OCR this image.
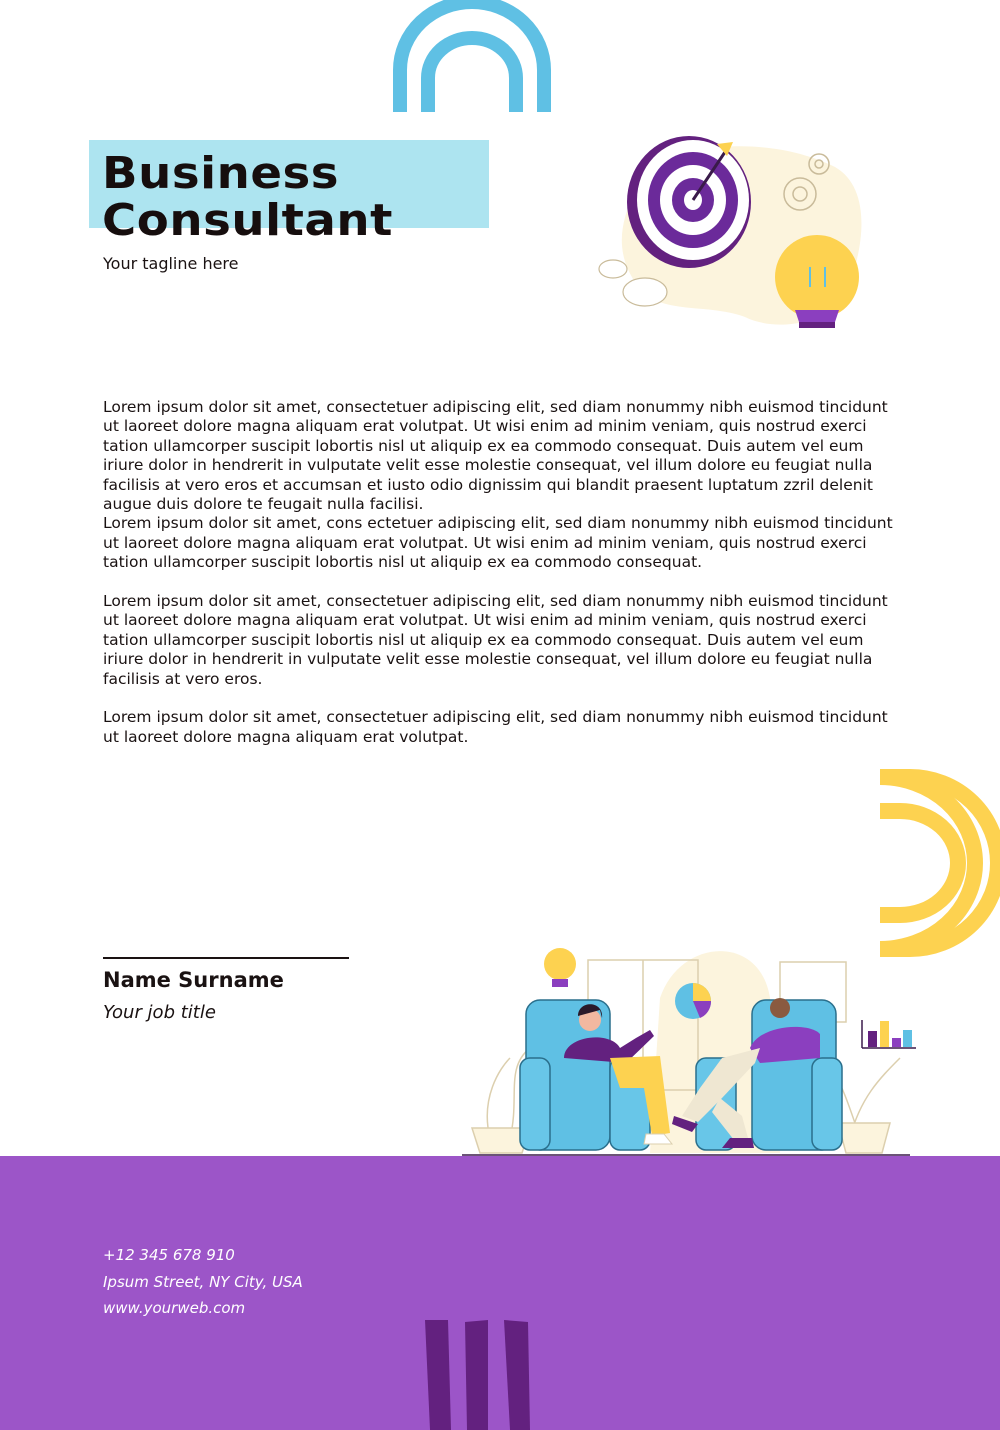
Business
Consultant
Your tagline here

Lorem ipsum dolor sit amet, consectetuer adipiscing elit, sed diam nonummy nibh euismod tincidunt ut laoreet dolore magna aliquam erat volutpat. Ut wisi enim ad minim veniam, quis nostrud exerci tation ullamcorper suscipit lobortis nisl ut aliquip ex ea commodo consequat. Duis autem vel eum iriure dolor in hendrerit in vulputate velit esse molestie consequat, vel illum dolore eu feugiat nulla facilisis at vero eros et accumsan et iusto odio dignissim qui blandit praesent luptatum zzril delenit augue duis dolore te feugait nulla facilisi.

Lorem ipsum dolor sit amet, cons ectetuer adipiscing elit, sed diam nonummy nibh euismod tincidunt ut laoreet dolore magna aliquam erat volutpat. Ut wisi enim ad minim veniam, quis nostrud exerci tation ullamcorper suscipit lobortis nisl ut aliquip ex ea commodo consequat.

Lorem ipsum dolor sit amet, consectetuer adipiscing elit, sed diam nonummy nibh euismod tincidunt ut laoreet dolore magna aliquam erat volutpat. Ut wisi enim ad minim veniam, quis nostrud exerci tation ullamcorper suscipit lobortis nisl ut aliquip ex ea commodo consequat. Duis autem vel eum iriure dolor in hendrerit in vulputate velit esse molestie consequat, vel illum dolore eu feugiat nulla facilisis at vero eros.

Lorem ipsum dolor sit amet, consectetuer adipiscing elit, sed diam nonummy nibh euismod tincidunt ut laoreet dolore magna aliquam erat volutpat.

Name Surname
Your job title
+12 345 678 910
Ipsum Street, NY City, USA
www.yourweb.com
